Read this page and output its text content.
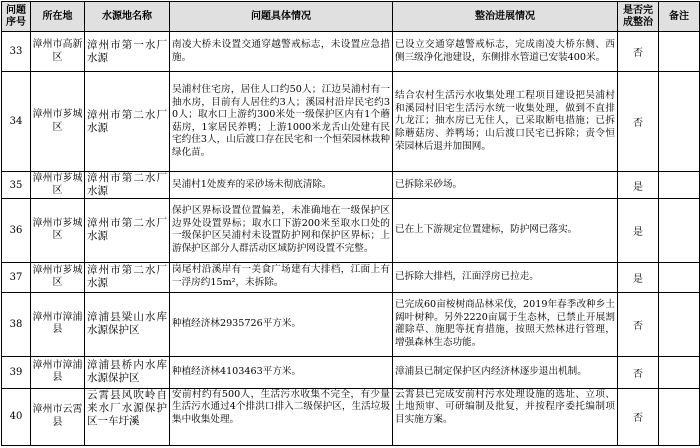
问题序号	所在地	水源地名称	问题具体情况	整治进展情况	是否完成整治	备注
33	漳州市高新区	漳州市第一水厂水源	南凌大桥未设置交通穿越警戒标志，未设置应急措施。	已设立交通穿越警戒标志，完成南凌大桥东侧、西侧三级净化池建设，东侧排水管道已安装400米。	否	
34	漳州市芗城区	漳州市第二水厂水源	吴浦村住宅房，居住人口约50人；江边吴浦村有一抽水房，目前有人居住约3人；溪园村沿岸民宅约30人；取水口上游约300米处一级保护区内有1个蘑菇房，1家居民养鸭；上游1000米龙舌山处建有民宅约住3人，山后渡口存在民宅和一个恒荣园林栽种绿化苗。	结合农村生活污水收集处理工程项目建设把吴浦村和溪园村旧宅生活污水统一收集处理，做到不直排九龙江；抽水房已无住人，已采取断电措施；已拆除蘑菇房、养鸭场；山后渡口民宅已拆除；责令恒荣园林后退并加围网。	否	
35	漳州市芗城区	漳州市第二水厂水源	吴浦村1处废弃的采砂场未彻底清除。	已拆除采砂场。	是	
36	漳州市芗城区	漳州市第二水厂水源	保护区界标设置位置偏差，未准确地在一级保护区边界处设置界标；取水口下游200米至取水口处的一级保护区吴浦村未设置防护网和保护区界标；上游保护区部分人群活动区域防护网设置不完整。	已在上下游规定位置建标，防护网已落实。	是	
37	漳州市芗城区	漳州市第二水厂水源	岗尾村沿溪岸有一美食广场建有大排档，江面上有一浮房约15m²，未拆除。	已拆除大排档，江面浮房已拉走。	是	
38	漳州市漳浦县	漳浦县梁山水库水源保护区	种植经济林2935726平方米。	已完成60亩桉树商品林采伐，2019年春季改种乡土阔叶树种。另外2220亩属于生态林，已禁止开展割灌除草、施肥等抚育措施，按照天然林进行管理，增强森林生态功能。	否	
39	漳州市漳浦县	漳浦县桥内水库水源保护区	种植经济林4103463平方米。	漳浦县已制定保护区内经济林逐步退出机制。	否	
40	漳州市云霄县	云霄县风吹岭自来水厂水源保护区一车圩溪	安前村约有500人，生活污水收集不完全，有少量生活污水通过4个排洪口排入二级保护区，生活垃圾集中收集处理。	云霄县已完成安前村污水处理设施的选址、立项、土地预审、可研编制及批复，并按程序委托编制项目实施方案。	否	
